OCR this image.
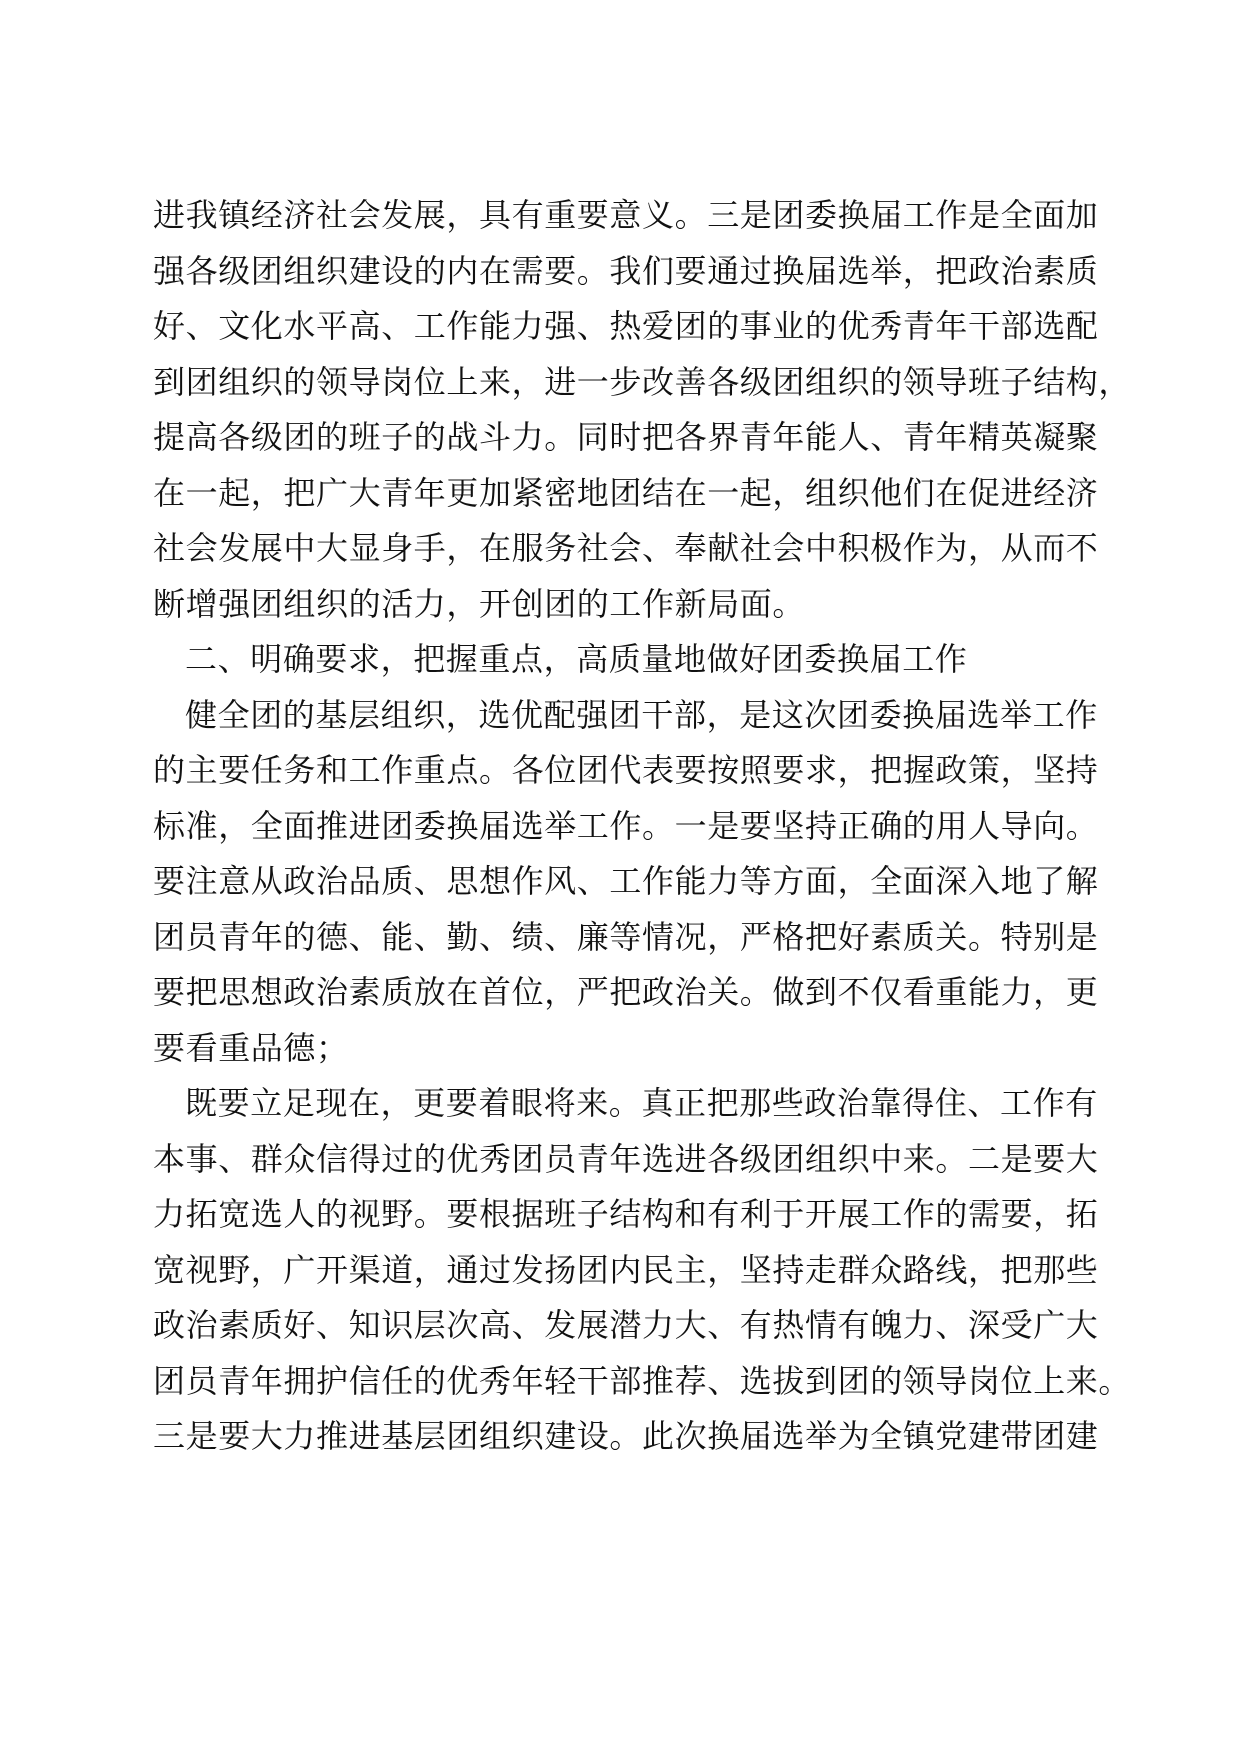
进我镇经济社会发展，具有重要意义。三是团委换届工作是全面加
强各级团组织建设的内在需要。我们要通过换届选举，把政治素质
好、文化水平高、工作能力强、热爱团的事业的优秀青年干部选配
到团组织的领导岗位上来，进一步改善各级团组织的领导班子结构，
提高各级团的班子的战斗力。同时把各界青年能人、青年精英凝聚
在一起，把广大青年更加紧密地团结在一起，组织他们在促进经济
社会发展中大显身手，在服务社会、奉献社会中积极作为，从而不
断增强团组织的活力，开创团的工作新局面。
二、明确要求，把握重点，高质量地做好团委换届工作
健全团的基层组织，选优配强团干部，是这次团委换届选举工作
的主要任务和工作重点。各位团代表要按照要求，把握政策，坚持
标准，全面推进团委换届选举工作。一是要坚持正确的用人导向。
要注意从政治品质、思想作风、工作能力等方面，全面深入地了解
团员青年的德、能、勤、绩、廉等情况，严格把好素质关。特别是
要把思想政治素质放在首位，严把政治关。做到不仅看重能力，更
要看重品德；
既要立足现在，更要着眼将来。真正把那些政治靠得住、工作有
本事、群众信得过的优秀团员青年选进各级团组织中来。二是要大
力拓宽选人的视野。要根据班子结构和有利于开展工作的需要，拓
宽视野，广开渠道，通过发扬团内民主，坚持走群众路线，把那些
政治素质好、知识层次高、发展潜力大、有热情有魄力、深受广大
团员青年拥护信任的优秀年轻干部推荐、选拔到团的领导岗位上来。
三是要大力推进基层团组织建设。此次换届选举为全镇党建带团建
